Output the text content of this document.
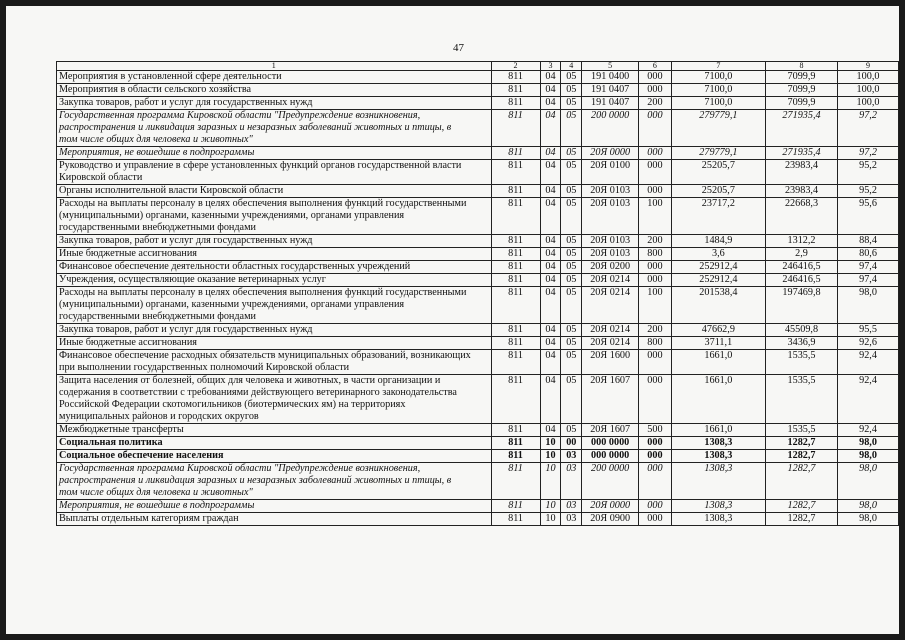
47
1	2	3	4	5	6	7	8	9

Мероприятия в установленной сфере деятельности	811	04	05	191 0400	000	7100,0	7099,9	100,0

Мероприятия в области сельского хозяйства	811	04	05	191 0407	000	7100,0	7099,9	100,0

Закупка товаров, работ и услуг для государственных нужд	811	04	05	191 0407	200	7100,0	7099,9	100,0

Государственная программа Кировской области "Предупреждение возникновения,
распространения и ликвидация заразных и незаразных заболеваний животных и птицы, в
том числе общих для человека и животных"	811	04	05	200 0000	000	279779,1	271935,4	97,2

Мероприятия, не вошедшие в подпрограммы	811	04	05	20Я 0000	000	279779,1	271935,4	97,2

Руководство и управление в сфере установленных функций органов государственной власти
Кировской области	811	04	05	20Я 0100	000	25205,7	23983,4	95,2

Органы исполнительной власти Кировской области	811	04	05	20Я 0103	000	25205,7	23983,4	95,2

Расходы на выплаты персоналу в целях обеспечения выполнения функций государственными
(муниципальными) органами, казенными учреждениями, органами управления
государственными внебюджетными фондами	811	04	05	20Я 0103	100	23717,2	22668,3	95,6

Закупка товаров, работ и услуг для государственных нужд	811	04	05	20Я 0103	200	1484,9	1312,2	88,4

Иные бюджетные ассигнования	811	04	05	20Я 0103	800	3,6	2,9	80,6

Финансовое обеспечение деятельности областных государственных учреждений	811	04	05	20Я 0200	000	252912,4	246416,5	97,4

Учреждения, осуществляющие оказание ветеринарных услуг	811	04	05	20Я 0214	000	252912,4	246416,5	97,4

Расходы на выплаты персоналу в целях обеспечения выполнения функций государственными
(муниципальными) органами, казенными учреждениями, органами управления
государственными внебюджетными фондами	811	04	05	20Я 0214	100	201538,4	197469,8	98,0

Закупка товаров, работ и услуг для государственных нужд	811	04	05	20Я 0214	200	47662,9	45509,8	95,5

Иные бюджетные ассигнования	811	04	05	20Я 0214	800	3711,1	3436,9	92,6

Финансовое обеспечение расходных обязательств муниципальных образований, возникающих
при выполнении государственных полномочий Кировской области	811	04	05	20Я 1600	000	1661,0	1535,5	92,4

Защита населения от болезней, общих для человека и животных, в части организации и
содержания в соответствии с требованиями действующего ветеринарного законодательства
Российской Федерации скотомогильников (биотермических ям) на территориях
муниципальных районов и городских округов	811	04	05	20Я 1607	000	1661,0	1535,5	92,4

Межбюджетные трансферты	811	04	05	20Я 1607	500	1661,0	1535,5	92,4

Социальная политика	811	10	00	000 0000	000	1308,3	1282,7	98,0

Социальное обеспечение населения	811	10	03	000 0000	000	1308,3	1282,7	98,0

Государственная программа Кировской области "Предупреждение возникновения,
распространения и ликвидация заразных и незаразных заболеваний животных и птицы, в
том числе общих для человека и животных"	811	10	03	200 0000	000	1308,3	1282,7	98,0

Мероприятия, не вошедшие в подпрограммы	811	10	03	20Я 0000	000	1308,3	1282,7	98,0

Выплаты отдельным категориям граждан	811	10	03	20Я 0900	000	1308,3	1282,7	98,0
